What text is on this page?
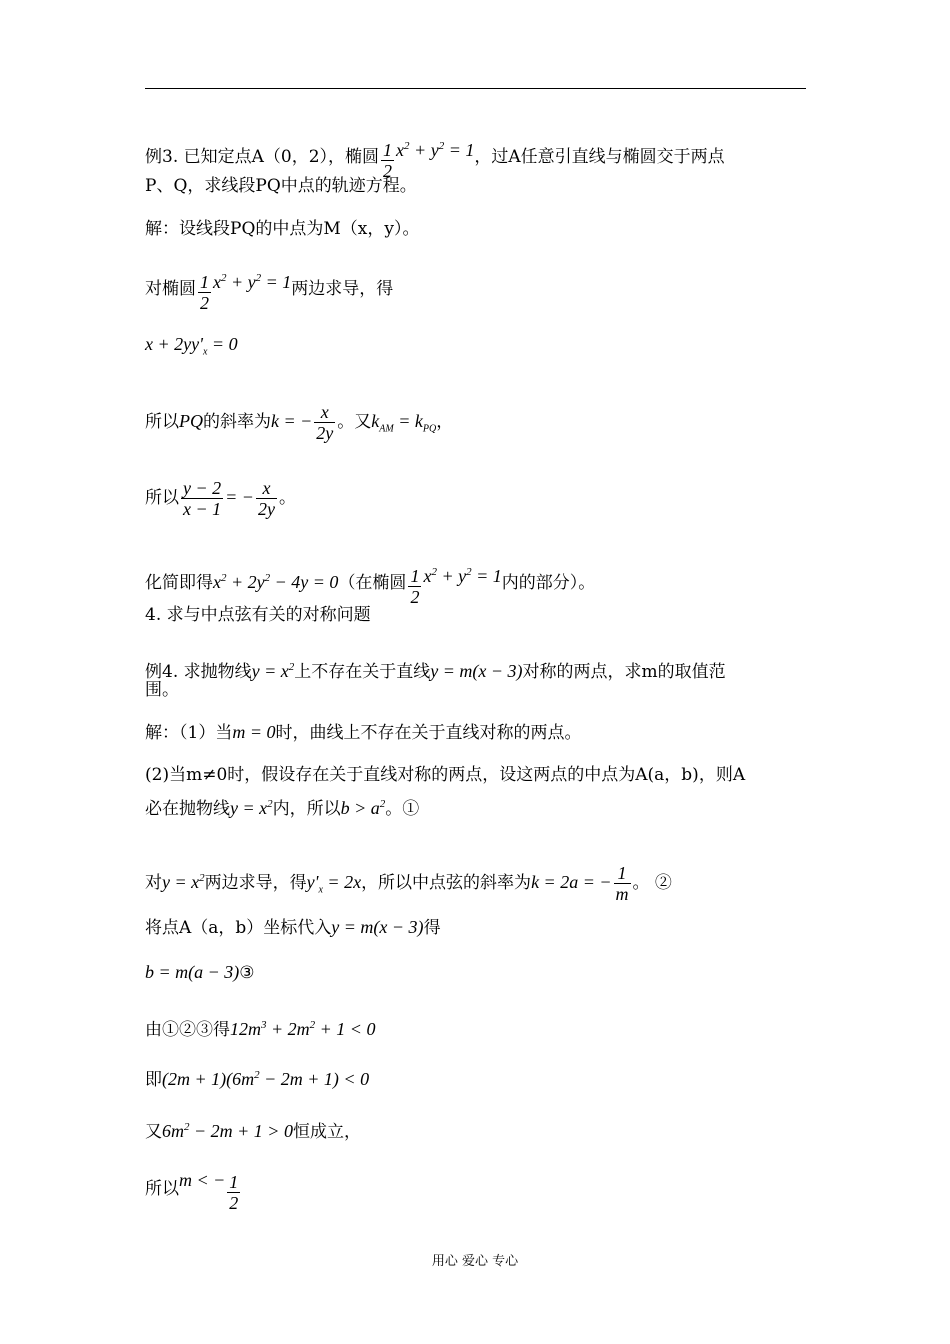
例3. 已知定点A（0，2），椭圆 $\frac{1}{2} x^2 + y^2 = 1$，过A任意引直线与椭圆交于两点
P、Q，求线段PQ中点的轨迹方程。
解：设线段PQ的中点为M（x，y）。
对椭圆 $\frac{1}{2} x^2 + y^2 = 1$两边求导，得
$x + 2yy'_x = 0$
所以PQ的斜率为k = − $\frac{x}{2y}$ 。又$k_{AM} = k_{PQ}$，
所以 $\frac{y - 2}{x - 1}$ = − $\frac{x}{2y}$ 。
化简即得$x^2 + 2y^2 - 4y = 0$（在椭圆 $\frac{1}{2} x^2 + y^2 = 1$内的部分）。
4. 求与中点弦有关的对称问题
例4. 求抛物线$y = x^2$上不存在关于直线y = m(x − 3)对称的两点，求m的取值范
围。
解：（1）当m = 0时，曲线上不存在关于直线对称的两点。
(2)当m≠0时，假设存在关于直线对称的两点，设这两点的中点为A(a，b)，则A
必在抛物线$y = x^2$内，所以$b > a^2$。①
对$y = x^2$两边求导，得$y'_x = 2x$，所以中点弦的斜率为k = 2a = − $\frac{1}{m}$ 。 ②
将点A（a，b）坐标代入y = m(x − 3)得
b = m(a − 3)③
由①②③得$12m^3 + 2m^2 + 1 < 0$
即$(2m + 1)(6m^2 - 2m + 1) < 0$
又$6m^2 - 2m + 1 > 0$恒成立，
所以m < − $\frac{1}{2}$
用心 爱心 专心
